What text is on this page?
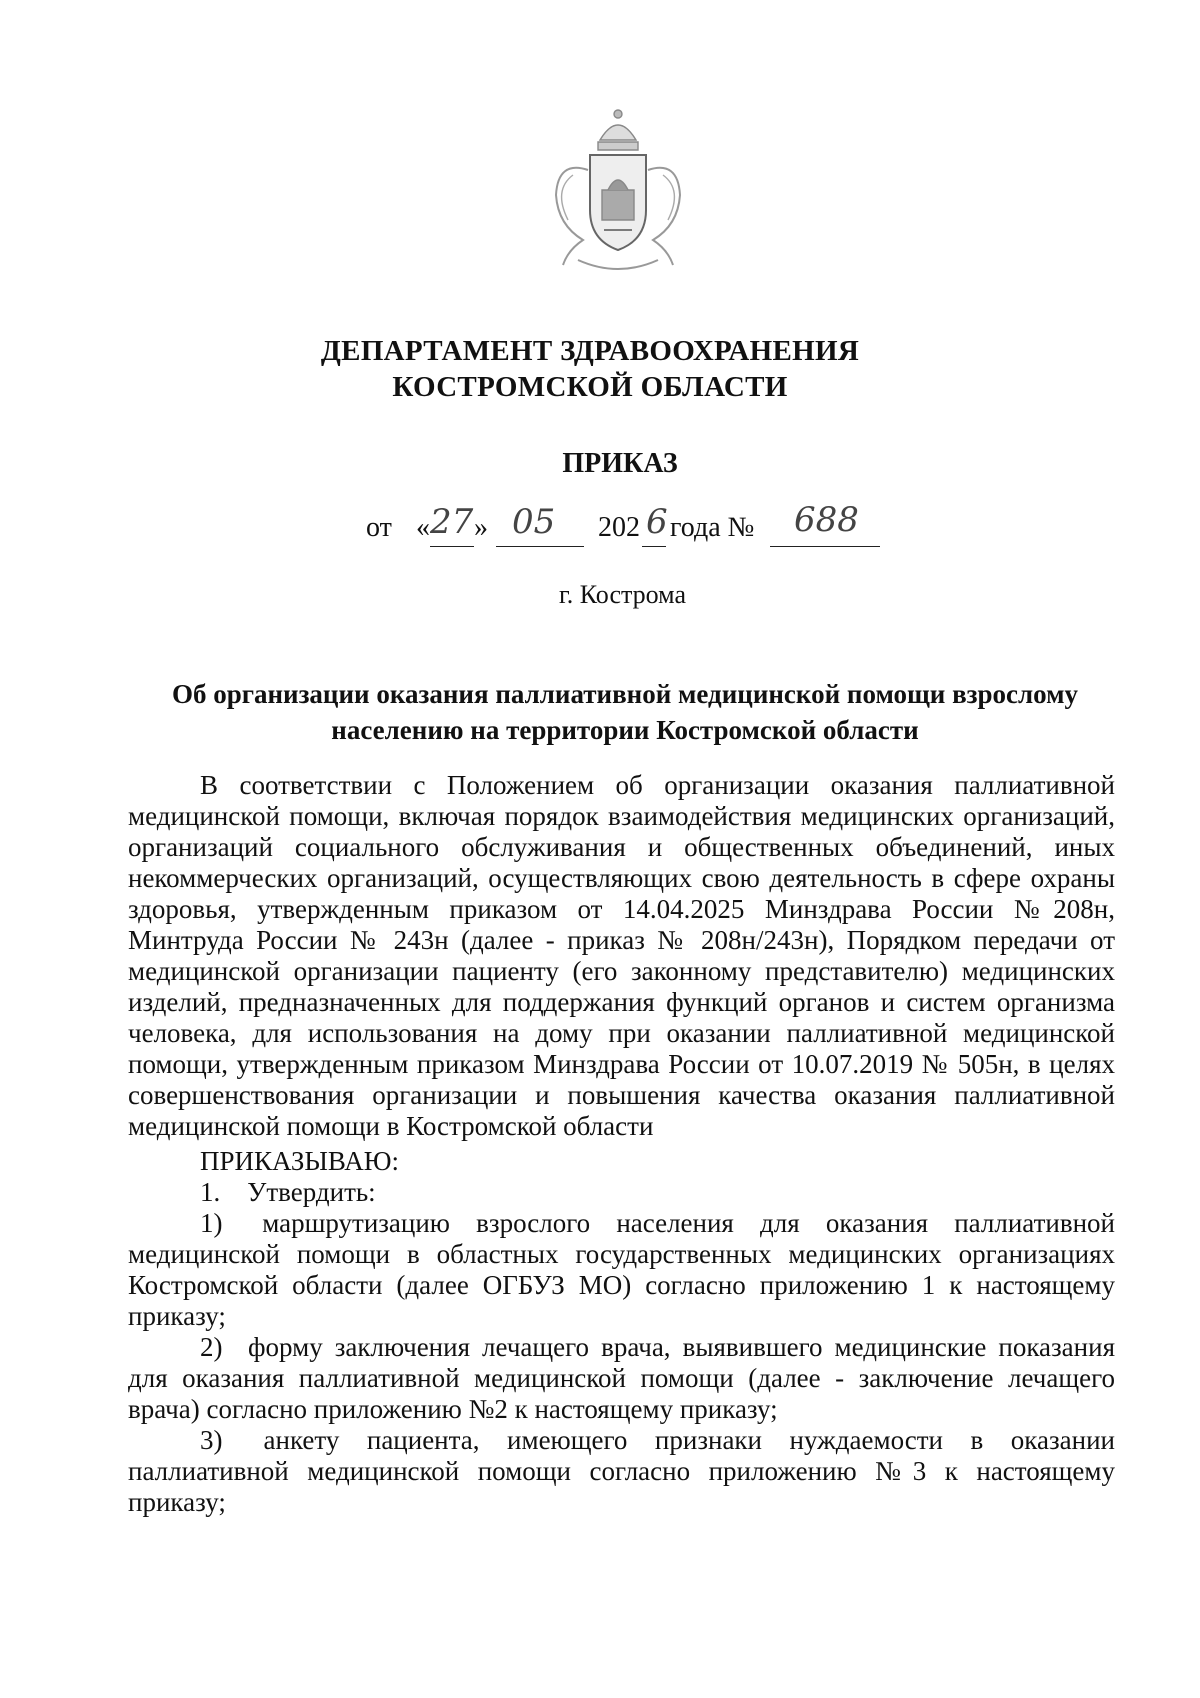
ДЕПАРТАМЕНТ ЗДРАВООХРАНЕНИЯ
КОСТРОМСКОЙ ОБЛАСТИ
ПРИКАЗ
от « 27 » 05 202 6 года № 688
г. Кострома
Об организации оказания паллиативной медицинской помощи взрослому населению на территории Костромской области

В соответствии с Положением об организации оказания паллиативной медицинской помощи, включая порядок взаимодействия медицинских организаций, организаций социального обслуживания и общественных объединений, иных некоммерческих организаций, осуществляющих свою деятельность в сфере охраны здоровья, утвержденным приказом от 14.04.2025 Минздрава России №208н, Минтруда России № 243н (далее - приказ № 208н/243н), Порядком передачи от медицинской организации пациенту (его законному представителю) медицинских изделий, предназначенных для поддержания функций органов и систем организма человека, для использования на дому при оказании паллиативной медицинской помощи, утвержденным приказом Минздрава России от 10.07.2019 № 505н, в целях совершенствования организации и повышения качества оказания паллиативной медицинской помощи в Костромской области

ПРИКАЗЫВАЮ:

1. Утвердить:

1)  маршрутизацию взрослого населения для оказания паллиативной медицинской помощи в областных государственных медицинских организациях Костромской области (далее ОГБУЗ МО) согласно приложению 1 к настоящему приказу;

2)  форму заключения лечащего врача, выявившего медицинские показания для оказания паллиативной медицинской помощи (далее - заключение лечащего врача) согласно приложению №2 к настоящему приказу;

3)  анкету пациента, имеющего признаки нуждаемости в оказании паллиативной медицинской помощи согласно приложению №3 к настоящему приказу;
